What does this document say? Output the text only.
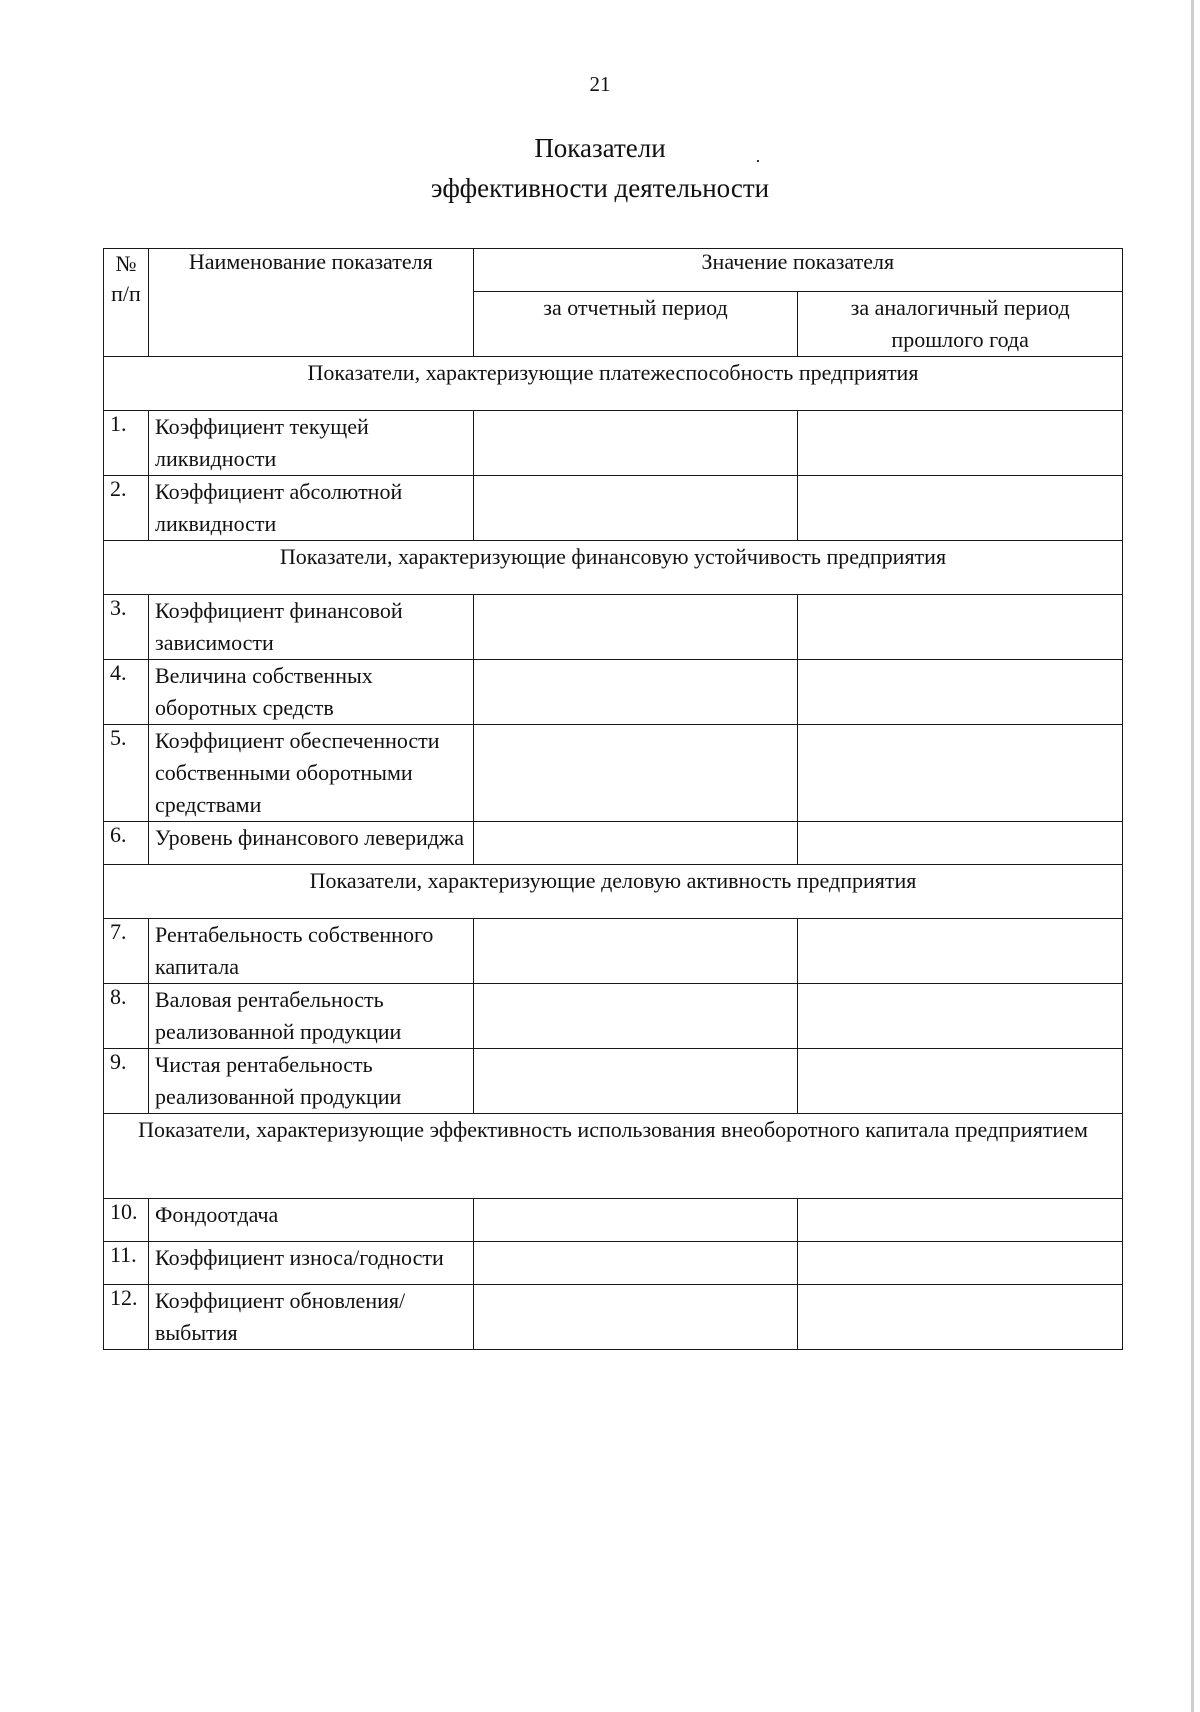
21
Показатели
эффективности деятельности
№ п/п	Наименование показателя	Значение показателя	
		за отчетный период	за аналогичный период прошлого года
Показатели, характеризующие платежеспособность предприятия			
1.	Коэффициент текущей ликвидности		
2.	Коэффициент абсолютной ликвидности		
Показатели, характеризующие финансовую устойчивость предприятия			
3.	Коэффициент финансовой зависимости		
4.	Величина собственных оборотных средств		
5.	Коэффициент обеспеченности собственными оборотными средствами		
6.	Уровень финансового левериджа		
Показатели, характеризующие деловую активность предприятия			
7.	Рентабельность собственного капитала		
8.	Валовая рентабельность реализованной продукции		
9.	Чистая рентабельность реализованной продукции		
Показатели, характеризующие эффективность использования внеоборотного капитала предприятием			
10.	Фондоотдача		
11.	Коэффициент износа/годности		
12.	Коэффициент обновления/выбытия		
